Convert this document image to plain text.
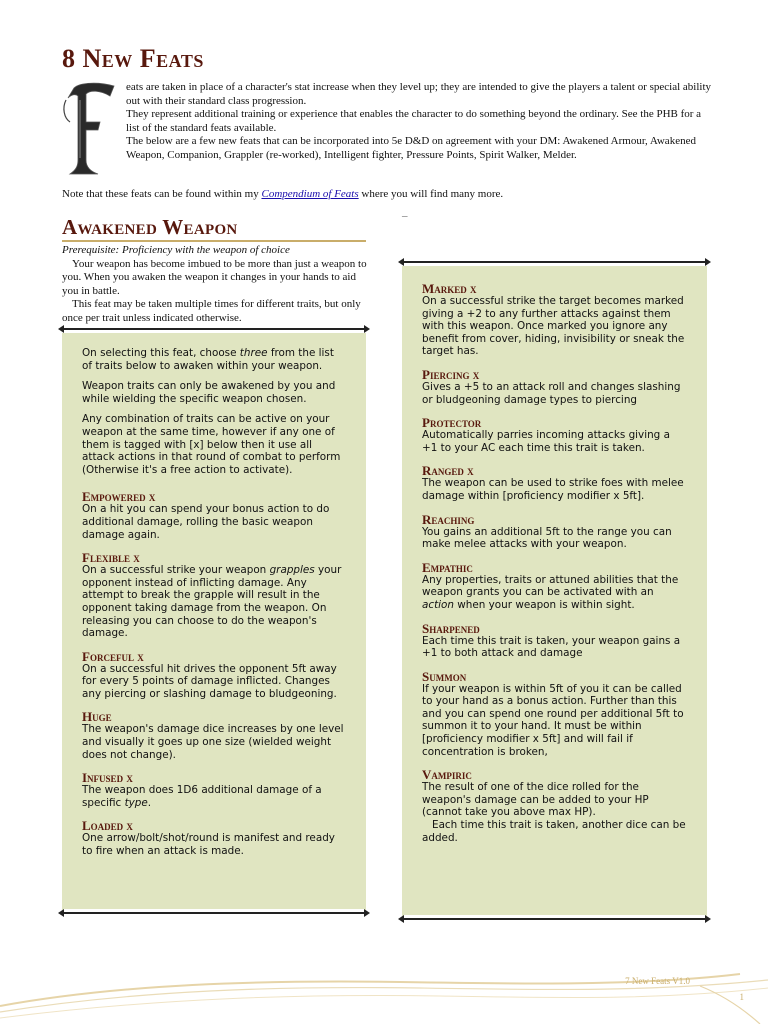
8 New Feats

eats are taken in place of a character's stat increase when they level up; they are intended to give the players a talent or special ability out with their standard class progression.

They represent additional training or experience that enables the character to do something beyond the ordinary. See the PHB for a list of the standard feats available.

The below are a few new feats that can be incorporated into 5e D&D on agreement with your DM: Awakened Armour, Awakened Weapon, Companion, Grappler (re-worked), Intelligent fighter, Pressure Points, Spirit Walker, Melder.

Note that these feats can be found within my Compendium of Feats where you will find many more.
–
Awakened Weapon

Prerequisite: Proficiency with the weapon of choice

Your weapon has become imbued to be more than just a weapon to you. When you awaken the weapon it changes in your hands to aid you in battle.

This feat may be taken multiple times for different traits, but only once per trait unless indicated otherwise.

On selecting this feat, choose three from the list of traits below to awaken within your weapon.

Weapon traits can only be awakened by you and while wielding the specific weapon chosen.

Any combination of traits can be active on your weapon at the same time, however if any one of them is tagged with [x] below then it use all attack actions in that round of combat to perform (Otherwise it's a free action to activate).

Empowered x
On a hit you can spend your bonus action to do additional damage, rolling the basic weapon damage again.
Flexible x
On a successful strike your weapon grapples your opponent instead of inflicting damage. Any attempt to break the grapple will result in the opponent taking damage from the weapon. On releasing you can choose to do the weapon's damage.
Forceful x
On a successful hit drives the opponent 5ft away for every 5 points of damage inflicted. Changes any piercing or slashing damage to bludgeoning.
Huge
The weapon's damage dice increases by one level and visually it goes up one size (wielded weight does not change).
Infused x
The weapon does 1D6 additional damage of a specific type.
Loaded x
One arrow/bolt/shot/round is manifest and ready to fire when an attack is made.
Marked x
On a successful strike the target becomes marked giving a +2 to any further attacks against them with this weapon. Once marked you ignore any benefit from cover, hiding, invisibility or sneak the target has.
Piercing x
Gives a +5 to an attack roll and changes slashing or bludgeoning damage types to piercing
Protector
Automatically parries incoming attacks giving a +1 to your AC each time this trait is taken.
Ranged x
The weapon can be used to strike foes with melee damage within [proficiency modifier x 5ft].
Reaching
You gains an additional 5ft to the range you can make melee attacks with your weapon.
Empathic
Any properties, traits or attuned abilities that the weapon grants you can be activated with an action when your weapon is within sight.
Sharpened
Each time this trait is taken, your weapon gains a +1 to both attack and damage
Summon
If your weapon is within 5ft of you it can be called to your hand as a bonus action. Further than this and you can spend one round per additional 5ft to summon it to your hand. It must be within [proficiency modifier x 5ft] and will fail if concentration is broken,
Vampiric
The result of one of the dice rolled for the weapon's damage can be added to your HP (cannot take you above max HP).
Each time this trait is taken, another dice can be added.
7 New Feats V1.0
1
